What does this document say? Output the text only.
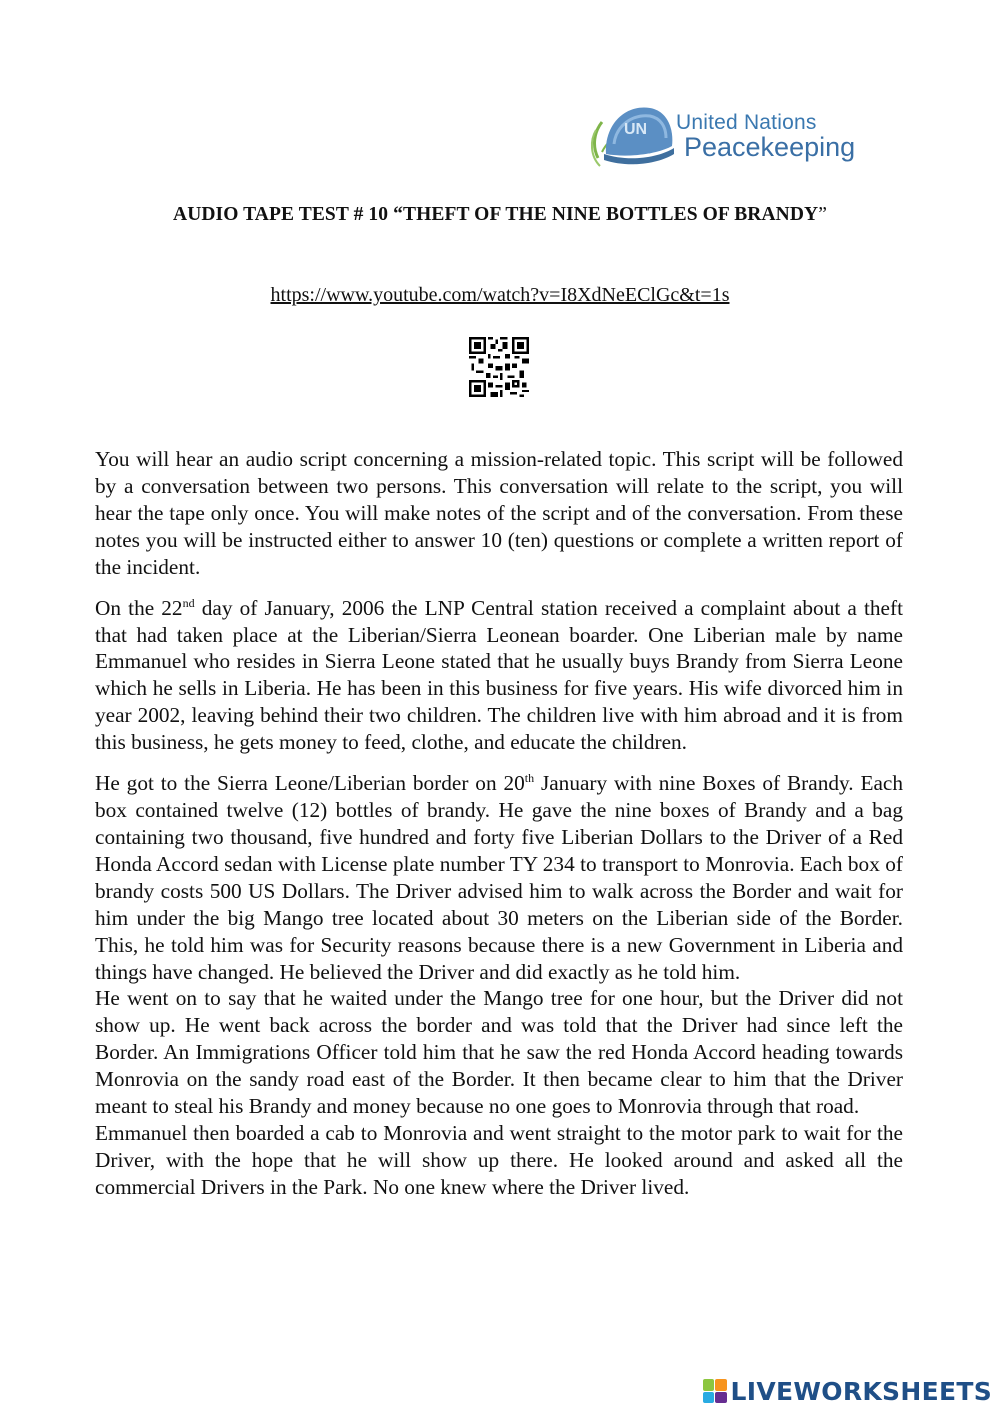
UN United Nations
Peacekeeping
AUDIO TAPE TEST # 10 “THEFT OF THE NINE BOTTLES OF BRANDY”
https://www.youtube.com/watch?v=I8XdNeEClGc&t=1s

You will hear an audio script concerning a mission-related topic. This script will be followed by a conversation between two persons. This conversation will relate to the script, you will hear the tape only once. You will make notes of the script and of the conversation. From these notes you will be instructed either to answer 10 (ten) questions or complete a written report of the incident.

On the 22nd day of January, 2006 the LNP Central station received a complaint about a theft that had taken place at the Liberian/Sierra Leonean boarder. One Liberian male by name Emmanuel who resides in Sierra Leone stated that he usually buys Brandy from Sierra Leone which he sells in Liberia. He has been in this business for five years. His wife divorced him in year 2002, leaving behind their two children. The children live with him abroad and it is from this business, he gets money to feed, clothe, and educate the children.

He got to the Sierra Leone/Liberian border on 20th January with nine Boxes of Brandy. Each box contained twelve (12) bottles of brandy. He gave the nine boxes of Brandy and a bag containing two thousand, five hundred and forty five Liberian Dollars to the Driver of a Red Honda Accord sedan with License plate number TY 234 to transport to Monrovia. Each box of brandy costs 500 US Dollars. The Driver advised him to walk across the Border and wait for him under the big Mango tree located about 30 meters on the Liberian side of the Border. This, he told him was for Security reasons because there is a new Government in Liberia and things have changed. He believed the Driver and did exactly as he told him.

He went on to say that he waited under the Mango tree for one hour, but the Driver did not show up. He went back across the border and was told that the Driver had since left the Border. An Immigrations Officer told him that he saw the red Honda Accord heading towards Monrovia on the sandy road east of the Border. It then became clear to him that the Driver meant to steal his Brandy and money because no one goes to Monrovia through that road.

Emmanuel then boarded a cab to Monrovia and went straight to the motor park to wait for the Driver, with the hope that he will show up there. He looked around and asked all the commercial Drivers in the Park. No one knew where the Driver lived.

LIVEWORKSHEETS
